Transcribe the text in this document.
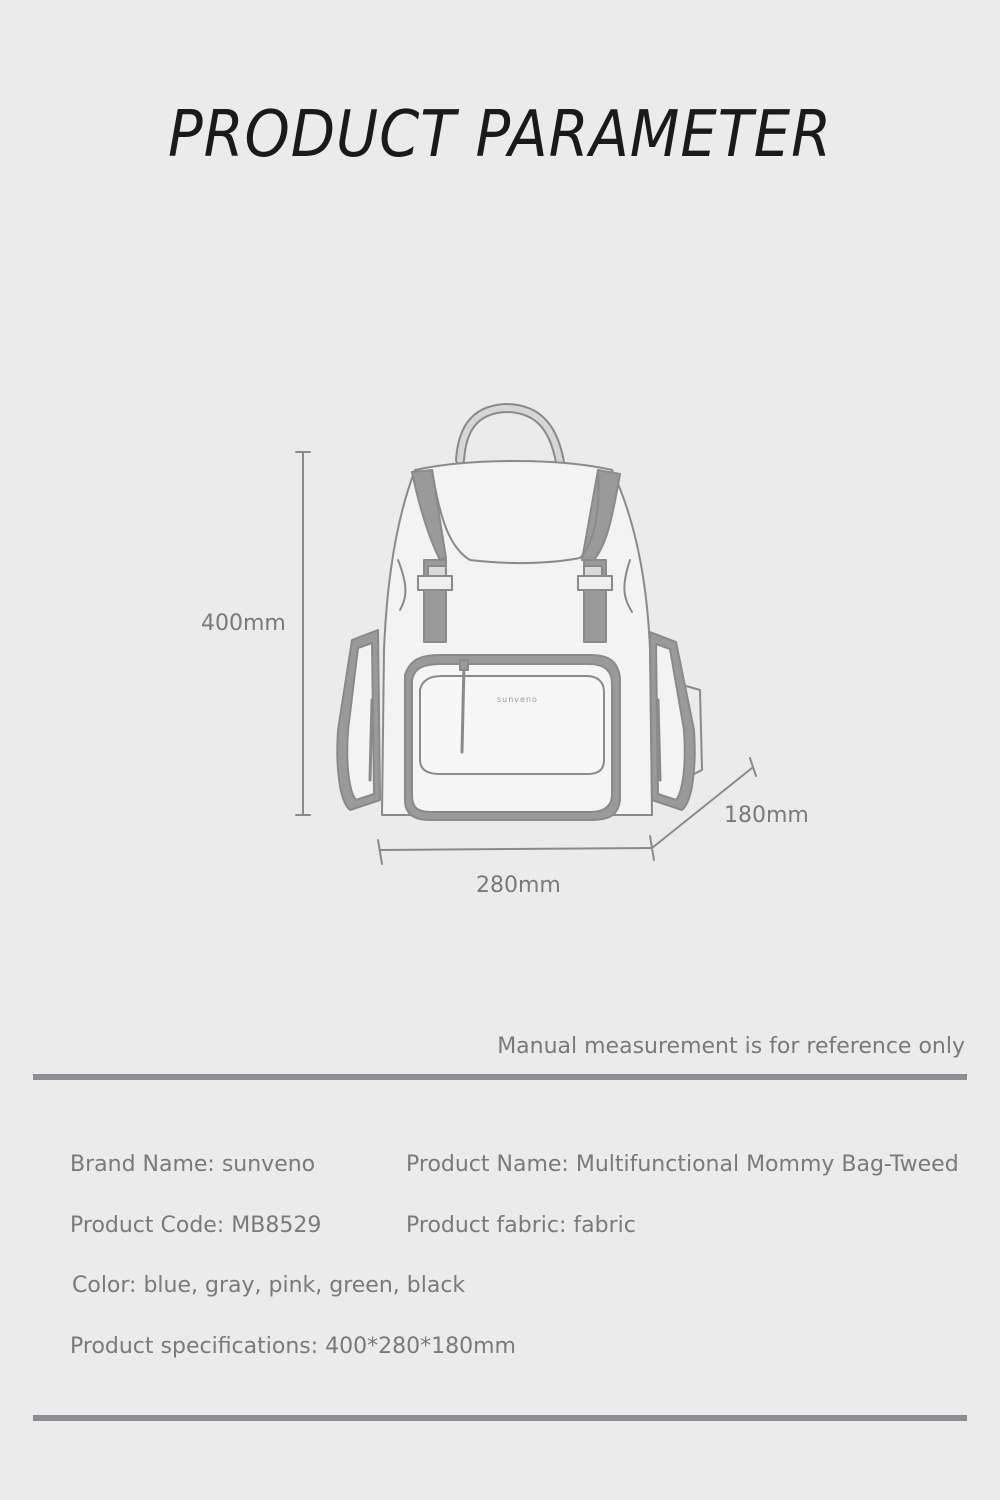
PRODUCT PARAMETER
400mm
280mm
180mm
sunveno
Manual measurement is for reference only
Brand Name: sunveno	Product Name: Multifunctional Mommy Bag-Tweed
Product Code: MB8529	Product fabric: fabric
Color: blue, gray, pink, green, black
Product specifications: 400*280*180mm
